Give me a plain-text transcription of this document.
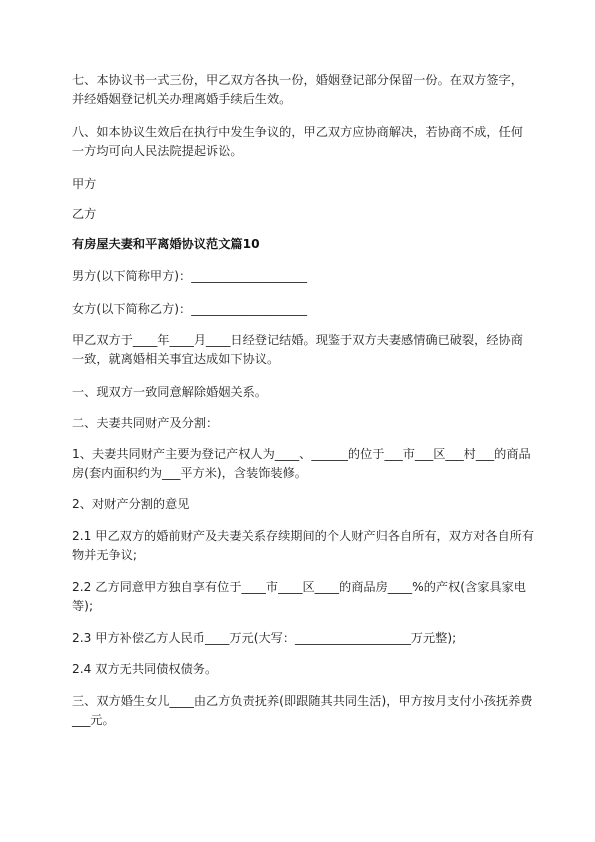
七、本协议书一式三份，甲乙双方各执一份，婚姻登记部分保留一份。在双方签字，
并经婚姻登记机关办理离婚手续后生效。
八、如本协议生效后在执行中发生争议的，甲乙双方应协商解决，若协商不成，任何
一方均可向人民法院提起诉讼。
甲方
乙方
有房屋夫妻和平离婚协议范文篇10
男方(以下简称甲方)：___________________
女方(以下简称乙方)：___________________
甲乙双方于____年____月____日经登记结婚。现鉴于双方夫妻感情确已破裂，经协商
一致，就离婚相关事宜达成如下协议。
一、现双方一致同意解除婚姻关系。
二、夫妻共同财产及分割：
1、夫妻共同财产主要为登记产权人为____、______的位于___市___区___村___的商品
房(套内面积约为___平方米)，含装饰装修。
2、对财产分割的意见
2.1 甲乙双方的婚前财产及夫妻关系存续期间的个人财产归各自所有，双方对各自所有
物并无争议;
2.2 乙方同意甲方独自享有位于____市____区____的商品房____%的产权(含家具家电
等);
2.3 甲方补偿乙方人民币____万元(大写：___________________万元整);
2.4 双方无共同债权债务。
三、双方婚生女儿____由乙方负责抚养(即跟随其共同生活)，甲方按月支付小孩抚养费
___元。
